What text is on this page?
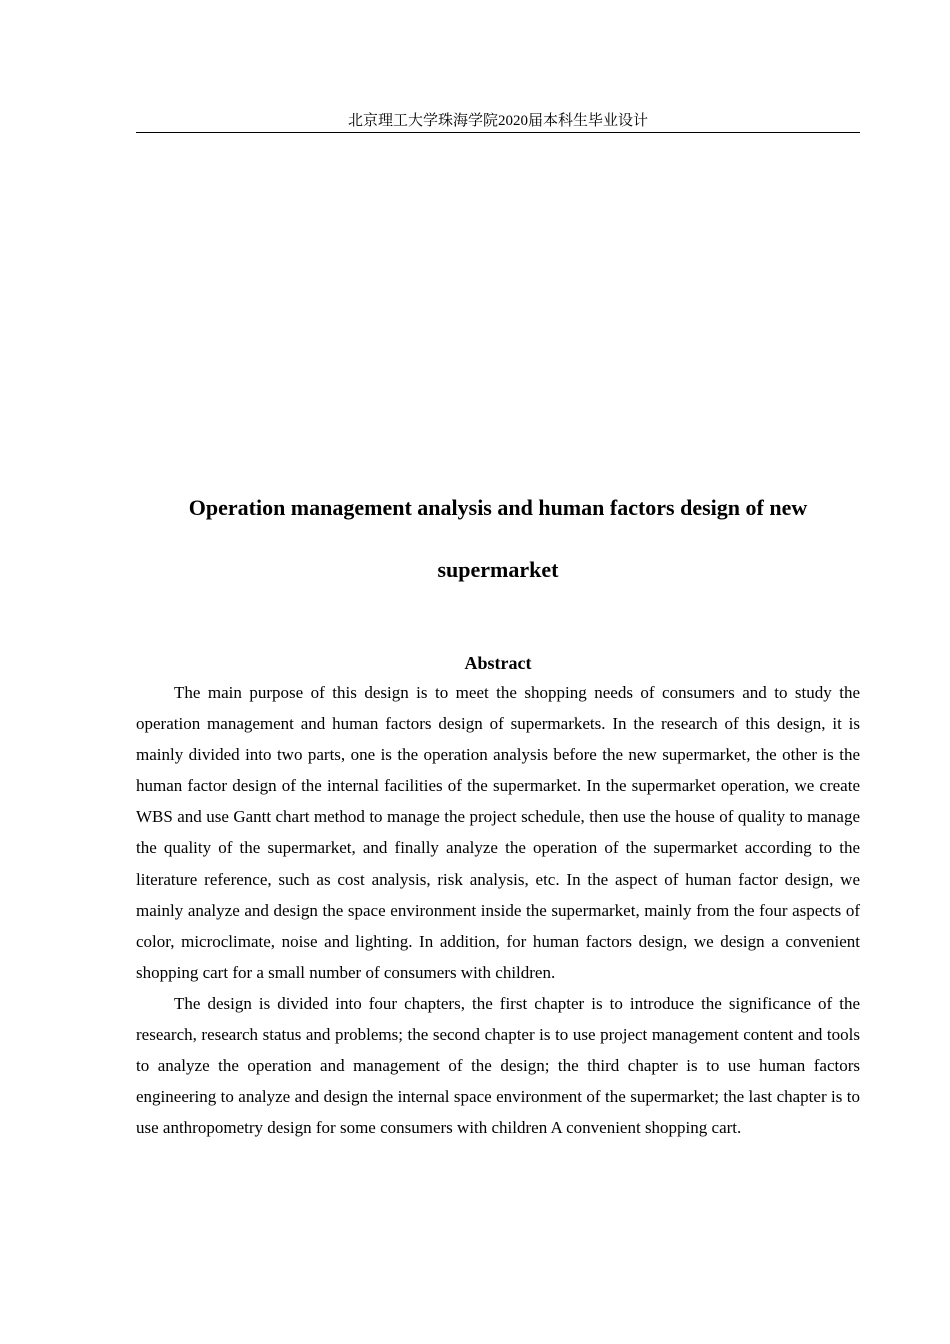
北京理工大学珠海学院2020届本科生毕业设计
Operation management analysis and human factors design of new supermarket
Abstract

The main purpose of this design is to meet the shopping needs of consumers and to study the operation management and human factors design of supermarkets. In the research of this design, it is mainly divided into two parts, one is the operation analysis before the new supermarket, the other is the human factor design of the internal facilities of the supermarket. In the supermarket operation, we create WBS and use Gantt chart method to manage the project schedule, then use the house of quality to manage the quality of the supermarket, and finally analyze the operation of the supermarket according to the literature reference, such as cost analysis, risk analysis, etc. In the aspect of human factor design, we mainly analyze and design the space environment inside the supermarket, mainly from the four aspects of color, microclimate, noise and lighting. In addition, for human factors design, we design a convenient shopping cart for a small number of consumers with children.

The design is divided into four chapters, the first chapter is to introduce the significance of the research, research status and problems; the second chapter is to use project management content and tools to analyze the operation and management of the design; the third chapter is to use human factors engineering to analyze and design the internal space environment of the supermarket; the last chapter is to use anthropometry design for some consumers with children A convenient shopping cart.
